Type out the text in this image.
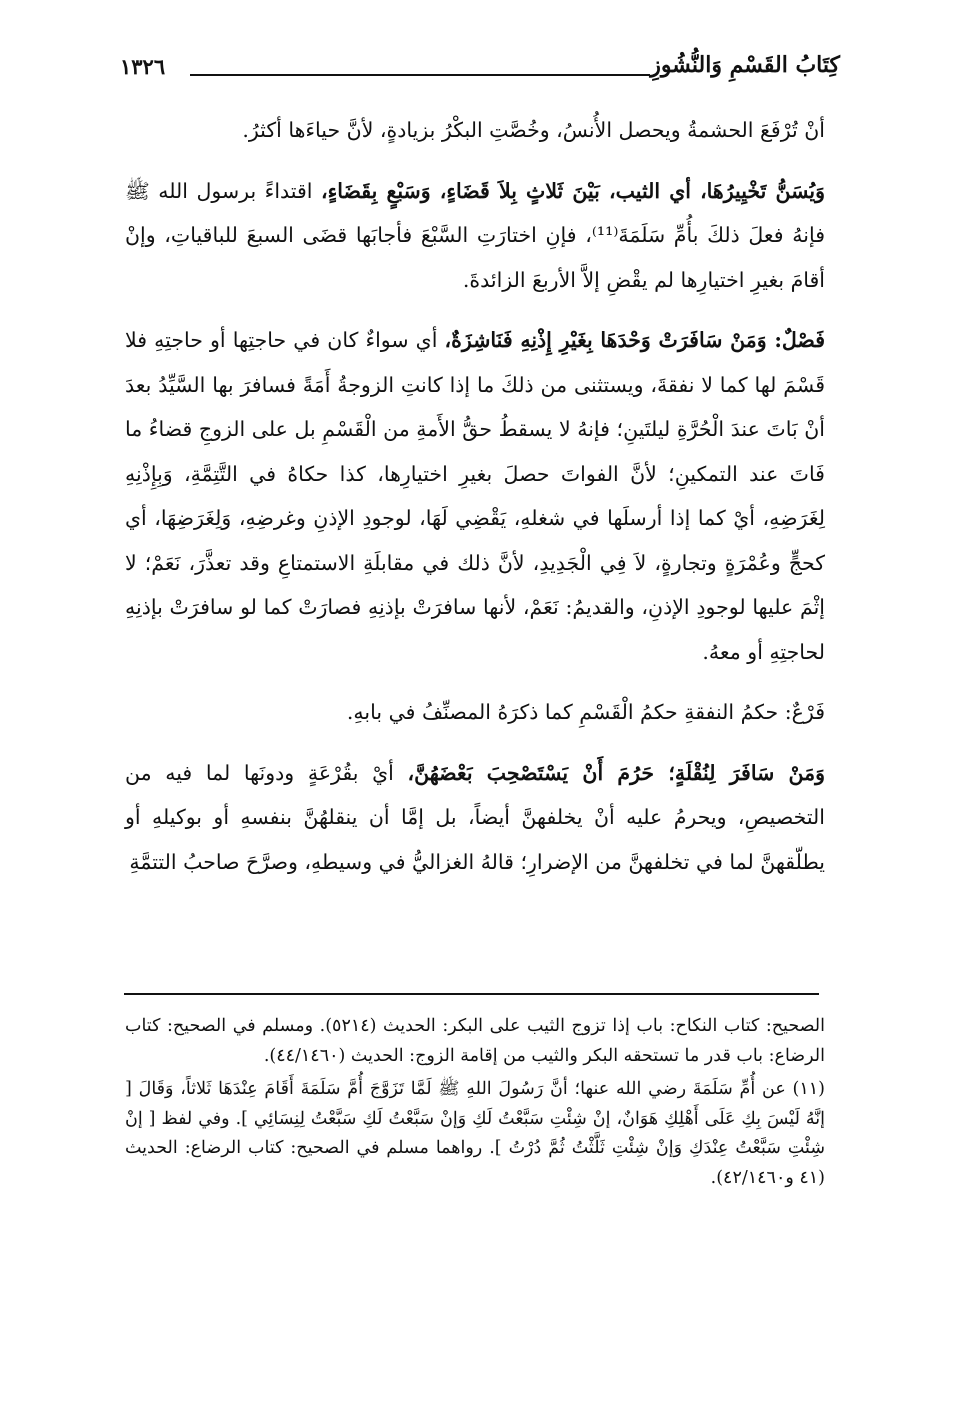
كِتَابُ القَسْمِ وَالنُّشُوزِ
١٣٢٦

أنْ تُرْفَعَ الحشمةُ ويحصل الأُنسُ، وخُصَّتِ البكْرُ بزيادةٍ، لأنَّ حياءَها أكثرُ.

وَيُسَنُّ تَخْيِيرُهَا، أي الثيب، بَيْنَ ثَلاثٍ بِلاَ قَضَاءٍ، وَسَبْعٍ بِقَضَاءٍ، اقتداءً برسول الله ﷺ فإنهُ فعلَ ذلكَ بأُمِّ سَلَمَةَ⁽¹¹⁾، فإنِ اختارَتِ السَّبْعَ فأجابَها قضَى السبعَ للباقياتِ، وإنْ أقامَ بغيرِ اختيارِها لم يقْضِ إلاَّ الأربعَ الزائدةَ.

فَصْلٌ: وَمَنْ سَافَرَتْ وَحْدَهَا بِغَيْرِ إِذْنِهِ فَنَاشِزَةٌ، أي سواءٌ كان في حاجتِها أو حاجتِهِ فلا قَسْمَ لها كما لا نفقةَ، ويستثنى من ذلكَ ما إذا كانتِ الزوجةُ أَمَةً فسافرَ بها السَّيِّدُ بعدَ أنْ بَاتَ عندَ الْحُرَّةِ ليلتَينِ؛ فإنهُ لا يسقطُ حقُّ الأَمةِ من الْقَسْمِ بل على الزوجِ قضاءُ ما فَاتَ عند التمكينِ؛ لأنَّ الفواتَ حصلَ بغيرِ اختيارِها، كذا حكاهُ في التَّتِمَّةِ، وَبِإِذْنِهِ لِغَرَضِهِ، أيْ كما إذا أرسلَها في شغلهِ، يَقْضِي لَهَا، لوجودِ الإذنِ وغرضِهِ، وَلِغَرَضِهَا، أي كحجٍّ وعُمْرَةٍ وتجارةٍ، لاَ فِي الْجَدِيدِ، لأنَّ ذلك في مقابلَةِ الاستمتاعِ وقد تعذَّرَ، نَعَمْ؛ لا إثْمَ عليها لوجودِ الإذنِ، والقديمُ: نَعَمْ، لأنها سافرَتْ بإذنِهِ فصارَتْ كما لو سافرَتْ بإذنِهِ لحاجتِهِ أو معهُ.

فَرْعٌ: حكمُ النفقةِ حكمُ الْقَسْمِ كما ذكرَهُ المصنِّفُ في بابهِ.

وَمَنْ سَافَرَ لِنُقْلَةٍ؛ حَرُمَ أَنْ يَسْتَصْحِبَ بَعْضَهُنَّ، أيْ بقُرْعَةٍ ودونَها لما فيه من التخصيصِ، ويحرمُ عليه أنْ يخلفهنَّ أيضاً، بل إمَّا أن ينقلهُنَّ بنفسهِ أو بوكيلهِ أو يطلّقهنَّ لما في تخلفهنَّ من الإضرارِ؛ قالهُ الغزاليُّ في وسيطهِ، وصرَّحَ صاحبُ التتمَّةِ

الصحيح: كتاب النكاح: باب إذا تزوج الثيب على البكر: الحديث (٥٢١٤). ومسلم في الصحيح: كتاب الرضاع: باب قدر ما تستحقه البكر والثيب من إقامة الزوج: الحديث (٤٤/١٤٦٠).

(١١) عن أُمِّ سَلَمَةَ رضي الله عنها؛ أنَّ رَسُولَ اللهِ ﷺ لَمَّا تَزَوَّجَ أُمَّ سَلَمَةَ أَقَامَ عِنْدَهَا ثَلاثاً، وَقَالَ [ إنَّهُ لَيْسَ بِكِ عَلَى أَهْلِكِ هَوَانٌ، إنْ شِئْتِ سَبَّعْتُ لَكِ وَإنْ سَبَّعْتُ لَكِ سَبَّعْتُ لِنِسَائِي ]. وفي لفظ [ إنْ شِئْتِ سَبَّعْتُ عِنْدَكِ وَإنْ شِئْتِ ثَلَّثْتُ ثُمَّ دُرْتُ ]. رواهما مسلم في الصحيح: كتاب الرضاع: الحديث (٤١ و٤٢/١٤٦٠).
